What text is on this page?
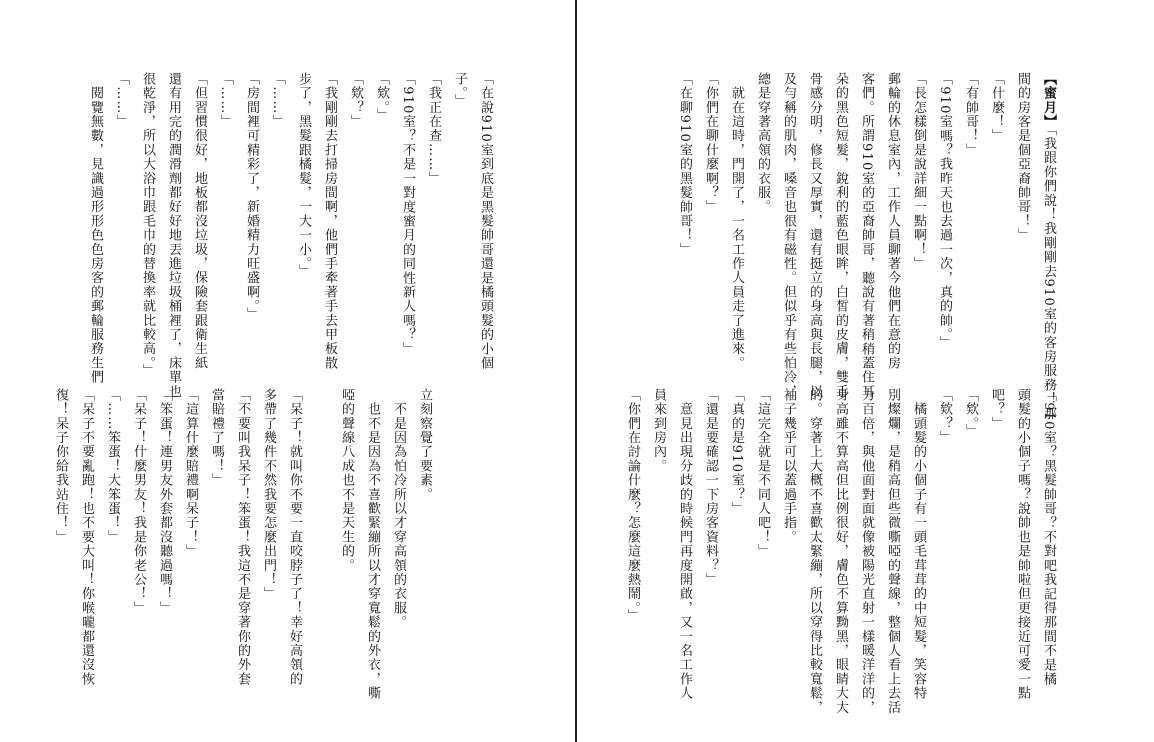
【蜜月】「我跟你們說！我剛剛去910室的客房服務！那
間的房客是個亞裔帥哥！」
「什麼！」
「有帥哥！」
「910室嗎？我昨天也去過一次，真的帥。」
「長怎樣倒是說詳細一點啊！」
郵輪的休息室內，工作人員聊著今他們在意的房
客們。所謂910室的亞裔帥哥，聽說有著稍稍蓋住耳
朵的黑色短髮，銳利的藍色眼眸，白皙的皮膚，雙手
骨感分明，修長又厚實，還有挺立的身高與長腿，以
及勻稱的肌肉，嗓音也很有磁性。但似乎有些怕冷，
總是穿著高領的衣服。
　就在這時，門開了，一名工作人員走了進來。
「你們在聊什麼啊？」
「在聊910室的黑髮帥哥！」
「910室？黑髮帥哥？不對吧我記得那間不是橘
頭髮的小個子嗎？說帥也是帥啦但更接近可愛一點
吧？」
「欸。」
「欸？」
　橘頭髮的小個子有一頭毛茸茸的中短髮，笑容特
別燦爛，是稍高但些微嘶啞的聲線，整個人看上去活
力百倍，與他面對面就像被陽光直射一樣暖洋洋的，
身高雖不算高但比例很好，膚色不算黝黑，眼睛大大
的。穿著上大概不喜歡太緊繃，所以穿得比較寬鬆，
袖子幾乎可以蓋過手指。
「這完全就是不同人吧！」
「真的是910室？」
「還是要確認一下房客資料？」
　意見出現分歧的時候門再度開啟，又一名工作人
員來到房內。
「你們在討論什麼？怎麼這麼熱鬧。」
「在說910室到底是黑髮帥哥還是橘頭髮的小個
子。」
「我正在查……」
「910室？不是一對度蜜月的同性新人嗎？」
「欸。」
「欸？」
「我剛剛去打掃房間啊，他們手牽著手去甲板散
步了，黑髮跟橘髮，一大一小。」
「……」
「房間裡可精彩了，新婚精力旺盛啊。」
「……」
「但習慣很好，地板都沒垃圾，保險套跟衛生紙
還有用完的潤滑劑都好好地丟進垃圾桶裡了，床單也
很乾淨，所以大浴巾跟毛巾的替換率就比較高。」
「……」
　閱覽無數，見識過形形色色房客的郵輪服務生們
立刻察覺了要素。
　不是因為怕冷所以才穿高領的衣服。
　也不是因為不喜歡緊繃所以才穿寬鬆的外衣，嘶
啞的聲線八成也不是天生的。

「呆子！就叫你不要一直咬脖子了！幸好高領的
多帶了幾件不然我要怎麼出門！」
「不要叫我呆子！笨蛋！我這不是穿著你的外套
當賠禮了嗎！」
「這算什麼賠禮啊呆子！」
「笨蛋！連男友外套都沒聽過嗎！」
「呆子！什麼男友！我是你老公！」
「……笨蛋！大笨蛋！」
「呆子不要亂跑！也不要大叫！你喉嚨都還沒恢
復！呆子你給我站住！」
